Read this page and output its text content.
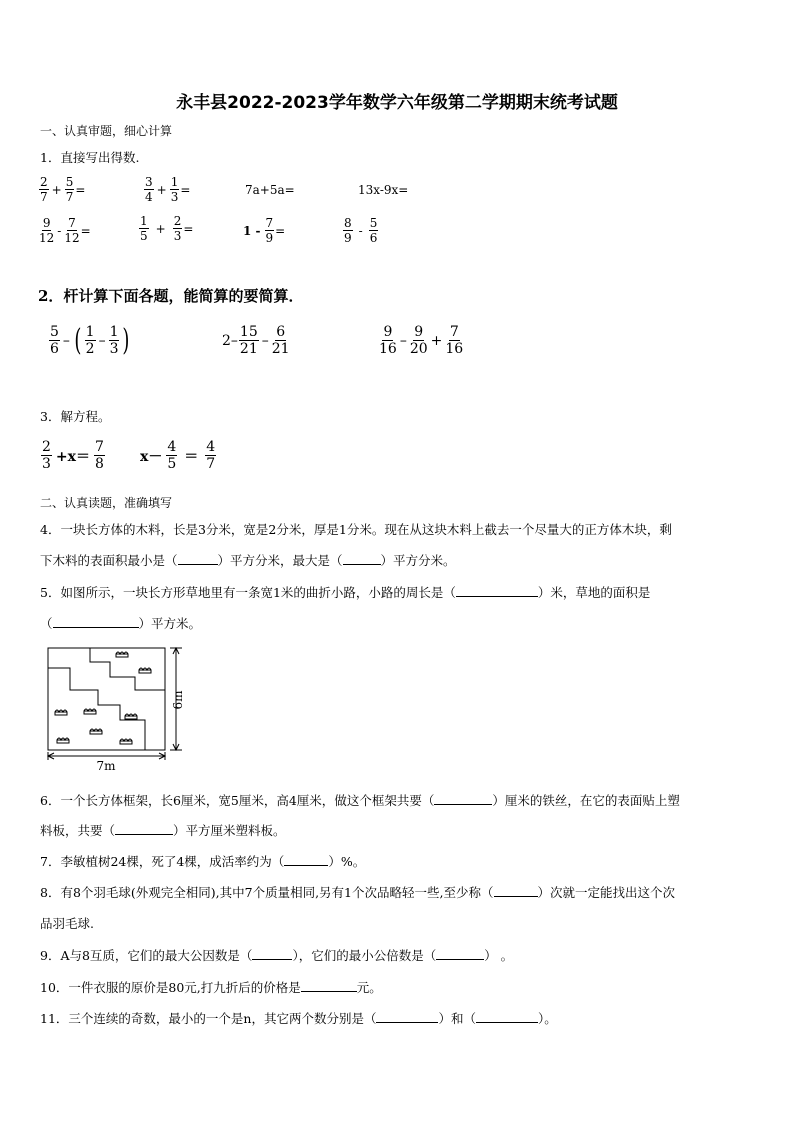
永丰县2022-2023学年数学六年级第二学期期末统考试题
一、认真审题，细心计算
1．直接写出得数.
$\frac{2}{7} + \frac{5}{7}$ =	$\frac{3}{4} + \frac{1}{3}$ =	7a+5a=	13x-9x=
$\frac{9}{12} - \frac{7}{12}$ =	$\frac{1}{5} + \frac{2}{3}$ =	$1 - \frac{7}{9}$ =	$\frac{8}{9} - \frac{5}{6}$
2．杆计算下面各题，能简算的要简算．
$\frac{5}{6}$ – ( $\frac{1}{2} - \frac{1}{3}$ )	$2- \frac{15}{21} - \frac{6}{21}$	$\frac{9}{16} - \frac{9}{20} + \frac{7}{16}$
3．解方程。
$\frac{2}{3} +x= \frac{7}{8}$	$x- \frac{4}{5} = \frac{4}{7}$
二、认真读题，准确填写
4．一块长方体的木料，长是3分米，宽是2分米，厚是1分米。现在从这块木料上截去一个尽量大的正方体木块，剩
下木料的表面积最小是（	）平方分米，最大是（	）平方分米。
5．如图所示，一块长方形草地里有一条宽1米的曲折小路，小路的周长是（	）米，草地的面积是
（	）平方米。
6m
7m
6．一个长方体框架，长6厘米，宽5厘米，高4厘米，做这个框架共要（	）厘米的铁丝，在它的表面贴上塑
料板，共要（	）平方厘米塑料板。
7．李敏植树24棵，死了4棵，成活率约为（	）%。
8．有8个羽毛球(外观完全相同),其中7个质量相同,另有1个次品略轻一些,至少称（	）次就一定能找出这个次
品羽毛球.
9．A与8互质，它们的最大公因数是（	），它们的最小公倍数是（	） 。
10．一件衣服的原价是80元,打九折后的价格是	元。
11．三个连续的奇数，最小的一个是n，其它两个数分别是（	）和（	）。
